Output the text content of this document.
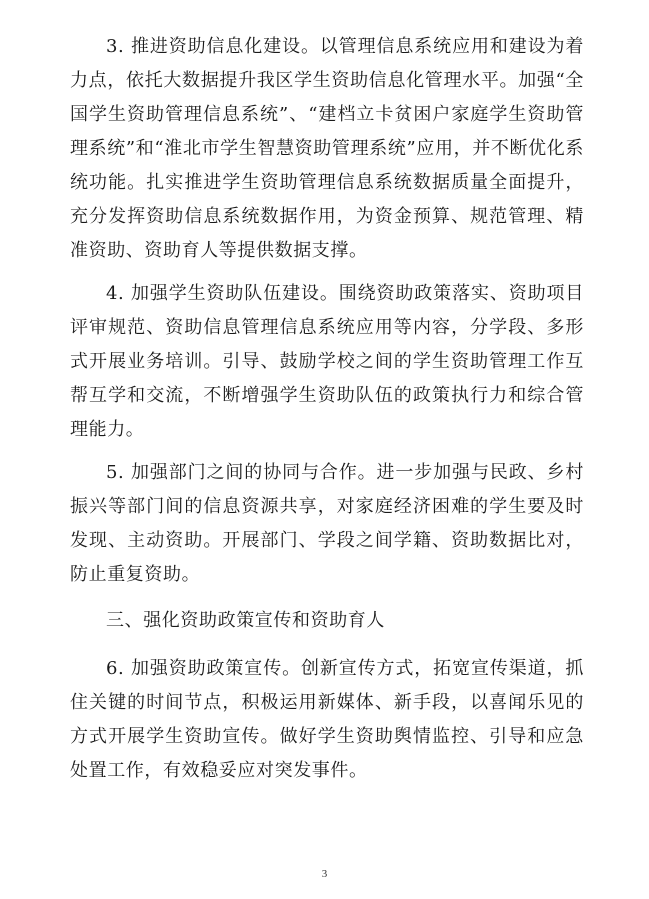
3. 推进资助信息化建设。以管理信息系统应用和建设为着力点，依托大数据提升我区学生资助信息化管理水平。加强“全国学生资助管理信息系统”、“建档立卡贫困户家庭学生资助管理系统”和“淮北市学生智慧资助管理系统”应用，并不断优化系统功能。扎实推进学生资助管理信息系统数据质量全面提升，充分发挥资助信息系统数据作用，为资金预算、规范管理、精准资助、资助育人等提供数据支撑。

4. 加强学生资助队伍建设。围绕资助政策落实、资助项目评审规范、资助信息管理信息系统应用等内容，分学段、多形式开展业务培训。引导、鼓励学校之间的学生资助管理工作互帮互学和交流，不断增强学生资助队伍的政策执行力和综合管理能力。

5. 加强部门之间的协同与合作。进一步加强与民政、乡村振兴等部门间的信息资源共享，对家庭经济困难的学生要及时发现、主动资助。开展部门、学段之间学籍、资助数据比对，防止重复资助。

三、强化资助政策宣传和资助育人

6. 加强资助政策宣传。创新宣传方式，拓宽宣传渠道，抓住关键的时间节点，积极运用新媒体、新手段，以喜闻乐见的方式开展学生资助宣传。做好学生资助舆情监控、引导和应急处置工作，有效稳妥应对突发事件。

3
